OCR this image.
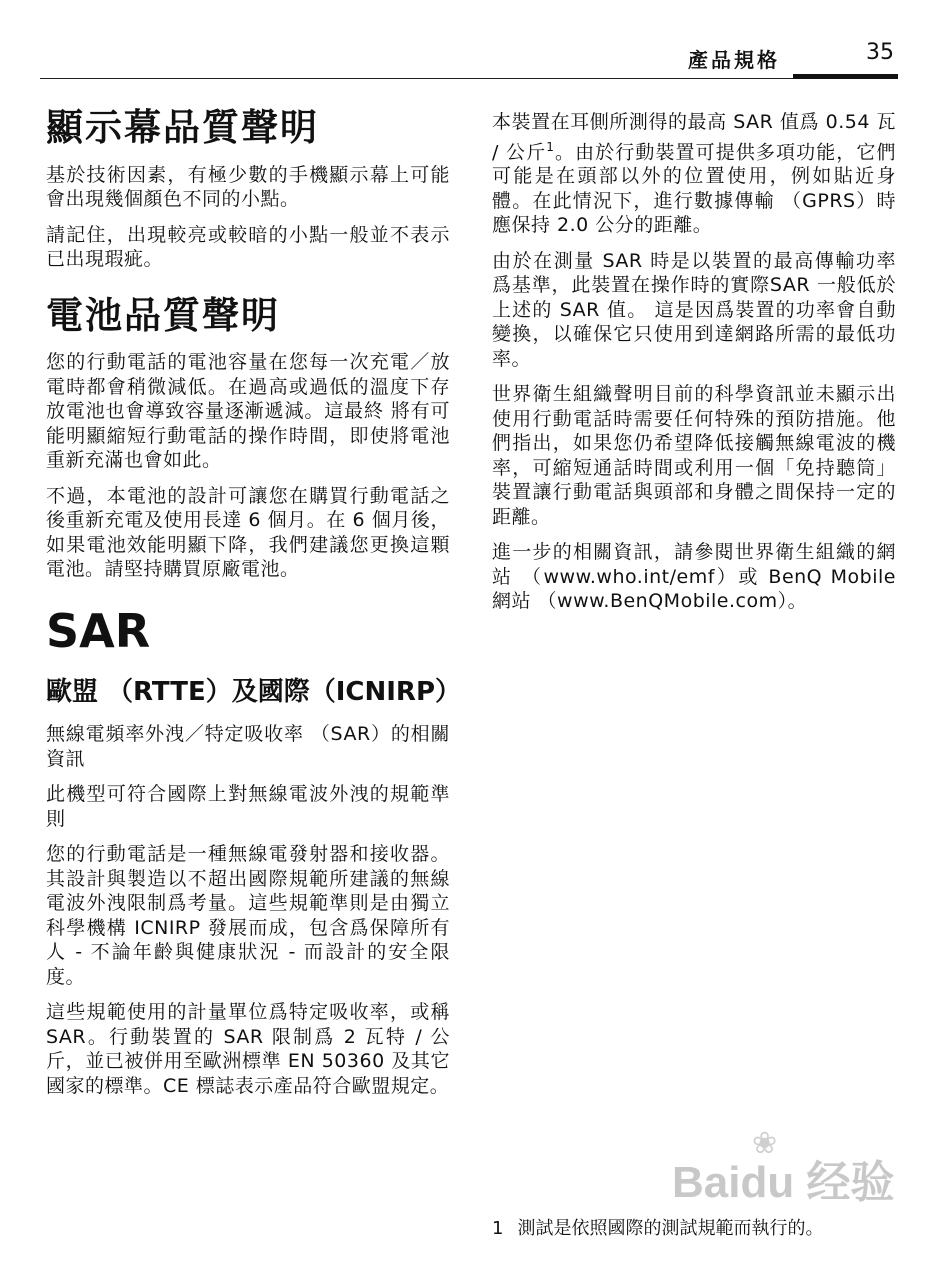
產品規格	35
顯示幕品質聲明

基於技術因素，有極少數的手機顯示幕上可能會出現幾個顏色不同的小點。

請記住，出現較亮或較暗的小點一般並不表示已出現瑕疵。

電池品質聲明

您的行動電話的電池容量在您每一次充電／放電時都會稍微減低。在過高或過低的溫度下存放電池也會導致容量逐漸遞減。這最終 將有可能明顯縮短行動電話的操作時間，即使將電池重新充滿也會如此。

不過，本電池的設計可讓您在購買行動電話之後重新充電及使用長達 6 個月。在 6 個月後，如果電池效能明顯下降，我們建議您更換這顆電池。請堅持購買原廠電池。

SAR
歐盟 （RTTE）及國際（ICNIRP）

無線電頻率外洩／特定吸收率 （SAR）的相關資訊

此機型可符合國際上對無線電波外洩的規範準則

您的行動電話是一種無線電發射器和接收器。其設計與製造以不超出國際規範所建議的無線電波外洩限制爲考量。這些規範準則是由獨立科學機構 ICNIRP 發展而成，包含爲保障所有人 - 不論年齡與健康狀況 - 而設計的安全限度。

這些規範使用的計量單位爲特定吸收率，或稱 SAR。行動裝置的 SAR 限制爲 2 瓦特 / 公斤，並已被併用至歐洲標準 EN 50360 及其它國家的標準。CE 標誌表示產品符合歐盟規定。

本裝置在耳側所測得的最高 SAR 值爲 0.54 瓦 / 公斤$^1$。由於行動裝置可提供多項功能，它們可能是在頭部以外的位置使用，例如貼近身體。在此情況下，進行數據傳輸 （GPRS）時應保持 2.0 公分的距離。

由於在測量 SAR 時是以裝置的最高傳輸功率爲基準，此裝置在操作時的實際SAR 一般低於上述的 SAR 值。 這是因爲裝置的功率會自動變換，以確保它只使用到達網路所需的最低功率。

世界衛生組織聲明目前的科學資訊並未顯示出使用行動電話時需要任何特殊的預防措施。他們指出，如果您仍希望降低接觸無線電波的機率，可縮短通話時間或利用一個「免持聽筒」裝置讓行動電話與頭部和身體之間保持一定的距離。

進一步的相關資訊，請參閱世界衛生組織的網站 （www.who.int/emf）或 BenQ Mobile 網站 （www.BenQMobile.com）。

1 測試是依照國際的測試規範而執行的。
Baidu 经验
❀
